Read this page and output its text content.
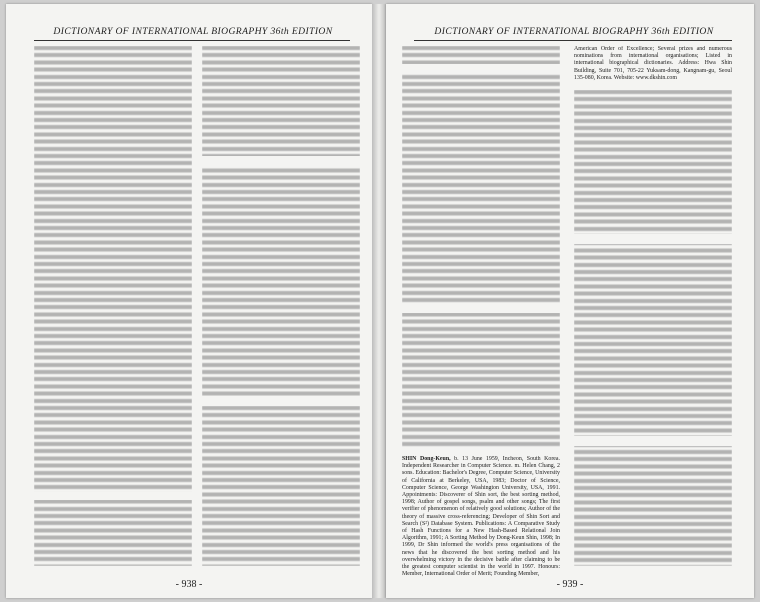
DICTIONARY OF INTERNATIONAL BIOGRAPHY 36th EDITION
- 938 -
DICTIONARY OF INTERNATIONAL BIOGRAPHY 36th EDITION
SHIN Dong-Keun, b. 13 June 1959, Incheon, South Korea. Independent Researcher in Computer Science. m. Helen Chang, 2 sons. Education: Bachelor's Degree, Computer Science, University of California at Berkeley, USA, 1983; Doctor of Science, Computer Science, George Washington University, USA, 1991. Appointments: Discoverer of Shin sort, the best sorting method, 1998; Author of gospel songs, psalm and other songs; The first verifier of phenomenon of relatively good solutions; Author of the theory of massive cross-referencing; Developer of Shin Sort and Search (S²) Database System. Publications: A Comparative Study of Hash Functions for a New Hash-Based Relational Join Algorithm, 1991; A Sorting Method by Dong-Keun Shin, 1998; In 1999, Dr Shin informed the world's press organisations of the news that he discovered the best sorting method and his overwhelming victory in the decisive battle after claiming to be the greatest computer scientist in the world in 1997. Honours: Member, International Order of Merit; Founding Member,
American Order of Excellence; Several prizes and numerous nominations from international organisations; Listed in international biographical dictionaries. Address: Hwa Shin Building, Suite 701, 705-22 Yuksam-dong, Kangnam-gu, Seoul 135-080, Korea. Website: www.dkshin.com
- 939 -
